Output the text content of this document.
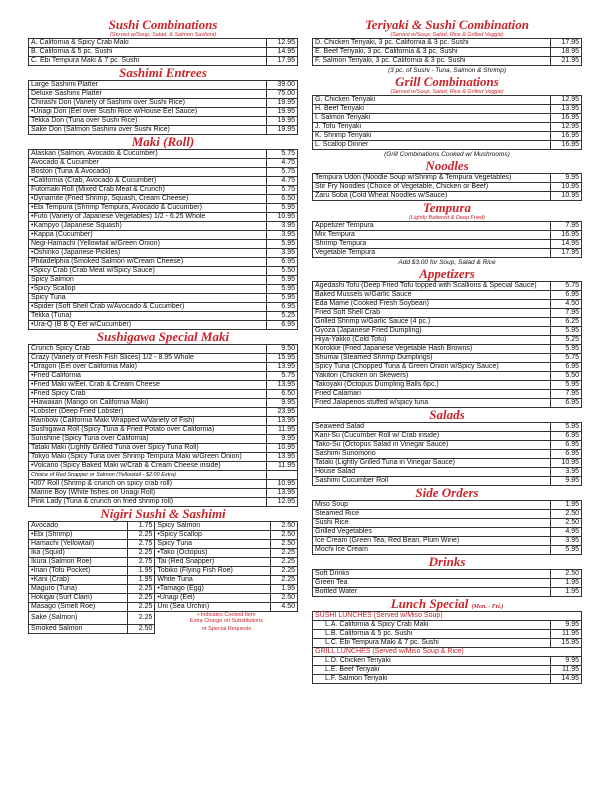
Sushi Combinations
(Served w/Soup, Salad, & Salmon Sashimi)
A. California & Spicy Crab Maki	12.95
B. California & 5 pc. Sushi	14.95
C. Ebi Tempura Maki & 7 pc. Sushi	17.95
Sashimi Entrees
Large Sashimi Platter	39.00
Deluxe Sashimi Platter	75.00
Chirashi Don (Variety of Sashimi over Sushi Rice)	19.95
•Unagi Don (Eel over Sushi Rice w/House Eel Sauce)	19.95
Tekka Don (Tuna over Sushi Rice)	19.95
Sake Don (Salmon Sashimi over Sushi Rice)	19.95
Maki (Roll)
Alaskan (Salmon, Avocado & Cucumber)	5.75
Avocado & Cucumber	4.75
Boston (Tuna & Avocado)	5.75
•California (Crab, Avocado & Cucumber)	4.75
Futomaki Roll (Mixed Crab Meat & Crunch)	5.75
•Dynamite (Fried Shrimp, Squash, Cream Cheese)	6.50
•Ebi Tempura (Shrimp Tempura, Avocado & Cucumber)	5.95
•Futo (Variety of Japanese Vegetables) 1/2 - 6.25 Whole	10.95
•Kampyo (Japanese Squash)	3.95
•Kappa (Cucumber)	3.95
Negi-Hamachi (Yellowtail w/Green Onion)	5.95
•Oshinko (Japanese Pickles)	3.95
Philadelphia (Smoked Salmon w/Cream Cheese)	6.95
•Spicy Crab (Crab Meat w/Spicy Sauce)	5.50
Spicy Salmon	5.95
•Spicy Scallop	5.95
Spicy Tuna	5.95
•Spider (Soft Shell Crab w/Avocado & Cucumber)	6.95
Tekka (Tuna)	5.25
•Ura-Q (B B Q Eel w/Cucumber)	6.95
Sushigawa Special Maki
Crunch Spicy Crab	9.50
Crazy (Variety of Fresh Fish Slices) 1/2 - 8.95 Whole	15.95
•Dragon (Eel over California Maki)	13.95
•Fried California	5.75
•Fried Maki w/Eel, Crab & Cream Cheese	13.95
•Fried Spicy Crab	6.50
•Hawaiian (Mango on California Maki)	9.95
•Lobster (Deep Fried Lobster)	23.95
Rainbow (California Maki Wrapped w/Variety of Fish)	13.95
Sushigawa Roll (Spicy Tuna & Fried Potato over California)	11.95
Sunshine (Spicy Tuna over California)	9.95
Tataki Maki (Lightly Grilled Tuna over Spicy Tuna Roll)	10.95
Tokyo Maki (Spicy Tuna over Shrimp Tempura Maki w/Green Onion)	13.95
•Volcano (Spicy Baked Maki w/Crab & Cream Cheese inside)	11.95
Choice of Red Snapper or Salmon (Yellowtail - $2.00 Extra)	
•007 Roll (Shrimp & crunch on spicy crab roll)	10.95
Marine Boy (White fishes on Unagi Roll)	13.95
Pink Lady (Tuna & crunch on fried shrimp roll)	12.95
Nigiri Sushi & Sashimi
Avocado	1.75	Spicy Salmon	2.50
•Ebi (Shrimp)	2.25	•Spicy Scallop	2.50
Hamachi (Yellowtail)	2.75	Spicy Tuna	2.50
Ika (Squid)	2.25	•Tako (Octopus)	2.25
Ikura (Salmon Roe)	2.75	Tai (Red Snapper)	2.25
•Inari (Tofu Pocket)	1.95	Tobiko (Flying Fish Roe)	2.25
•Kani (Crab)	1.95	White Tuna	2.25
Maguro (Tuna)	2.25	•Tamago (Egg)	1.95
Hokigai (Surf Clam)	2.25	•Unagi (Eel)	2.50
Masago (Smelt Roe)	2.25	Uni (Sea Urchin)	4.50
Sake (Salmon)	2.25	• Indicates Cooked Item
Extra Charge on Substitutions	

Smoked Salmon	2.50	or Special Requests	
Teriyaki & Sushi Combination
(Served w/Soup, Salad, Rice & Grilled Veggie)
D. Chicken Teriyaki, 3 pc. California & 3 pc. Sushi	17.95
E. Beef Teriyaki, 3 pc. California & 3 pc. Sushi	18.95
F. Salmon Teriyaki, 3 pc. California & 3 pc. Sushi	21.95
(3 pc. of Sushi - Tuna, Salmon & Shrimp)
Grill Combinations
(Served w/Soup, Salad, Rice & Grilled Veggie)
G. Chicken Teriyaki	12.95
H. Beef Teriyaki	13.95
I. Salmon Teriyaki	16.95
J. Tofu Teriyaki	12.95
K. Shrimp Teriyaki	16.95
L. Scallop Dinner	16.95
(Grill Combinations Cooked w/ Mushrooms)
Noodles
Tempura Udon (Noodle Soup w/Shrimp & Tempura Vegetables)	9.95
Stir Fry Noodles (Choice of Vegetable, Chicken or Beef)	10.95
Zaru Soba (Cold Wheat Noodles w/Sauce)	10.95
Tempura
(Lightly Battered & Deep Fried)
Appetizer Tempura	7.95
Mix Tempura	16.95
Shrimp Tempura	14.95
Vegetable Tempura	17.95
Add $3.00 for Soup, Salad & Rice
Appetizers
Agedashi Tofu (Deep Fried Tofu topped with Scallions & Special Sauce)	5.75
Baked Mussels w/Garlic Sauce	6.95
Eda Mame (Cooked Fresh Soybean)	4.50
Fried Soft Shell Crab	7.95
Grilled Shrimp w/Garlic Sauce (4 pc.)	6.25
Gyoza (Japanese Fried Dumpling)	5.95
Hiya-Yakko (Cold Tofu)	5.25
Korokke (Fried Japanese Vegetable Hash Browns)	5.95
Shumai (Steamed Shrimp Dumplings)	5.75
Spicy Tuna (Chopped Tuna & Green Onion w/Spicy Sauce)	6.95
Yakitori (Chicken on Skewers)	5.50
Takoyaki (Octopus Dumpling Balls 6pc.)	5.95
Fried Calamari	7.95
Fried Jalapenos stuffed w/spicy tuna	6.95
Salads
Seaweed Salad	5.95
Kani-Su (Cucumber Roll w/ Crab inside)	6.95
Tako-Su (Octopus Salad in Vinegar Sauce)	6.95
Sashimi Sunomono	6.95
Tataki (Lightly Grilled Tuna in Vinegar Sauce)	10.95
House Salad	3.95
Sashimi Cucumber Roll	9.95
Side Orders
Miso Soup	1.95
Steamed Rice	2.50
Sushi Rice	2.50
Grilled Vegetables	4.95
Ice Cream (Green Tea, Red Bean, Plum Wine)	3.95
Mochi Ice Cream	5.95
Drinks
Soft Drinks	2.50
Green Tea	1.95
Bottled Water	1.95
Lunch Special (Mon. - Fri.)
SUSHI LUNCHES (Served w/Miso Soup)	
L.A. California & Spicy Crab Maki	9.95
L.B. California & 5 pc. Sushi	11.95
L.C. Ebi Tempura Maki & 7 pc. Sushi	15.95
GRILL LUNCHES (Served w/Miso Soup & Rice)	
L.D. Chicken Teriyaki	9.95
L.E. Beef Teriyaki	11.95
L.F. Salmon Teriyaki	14.95
